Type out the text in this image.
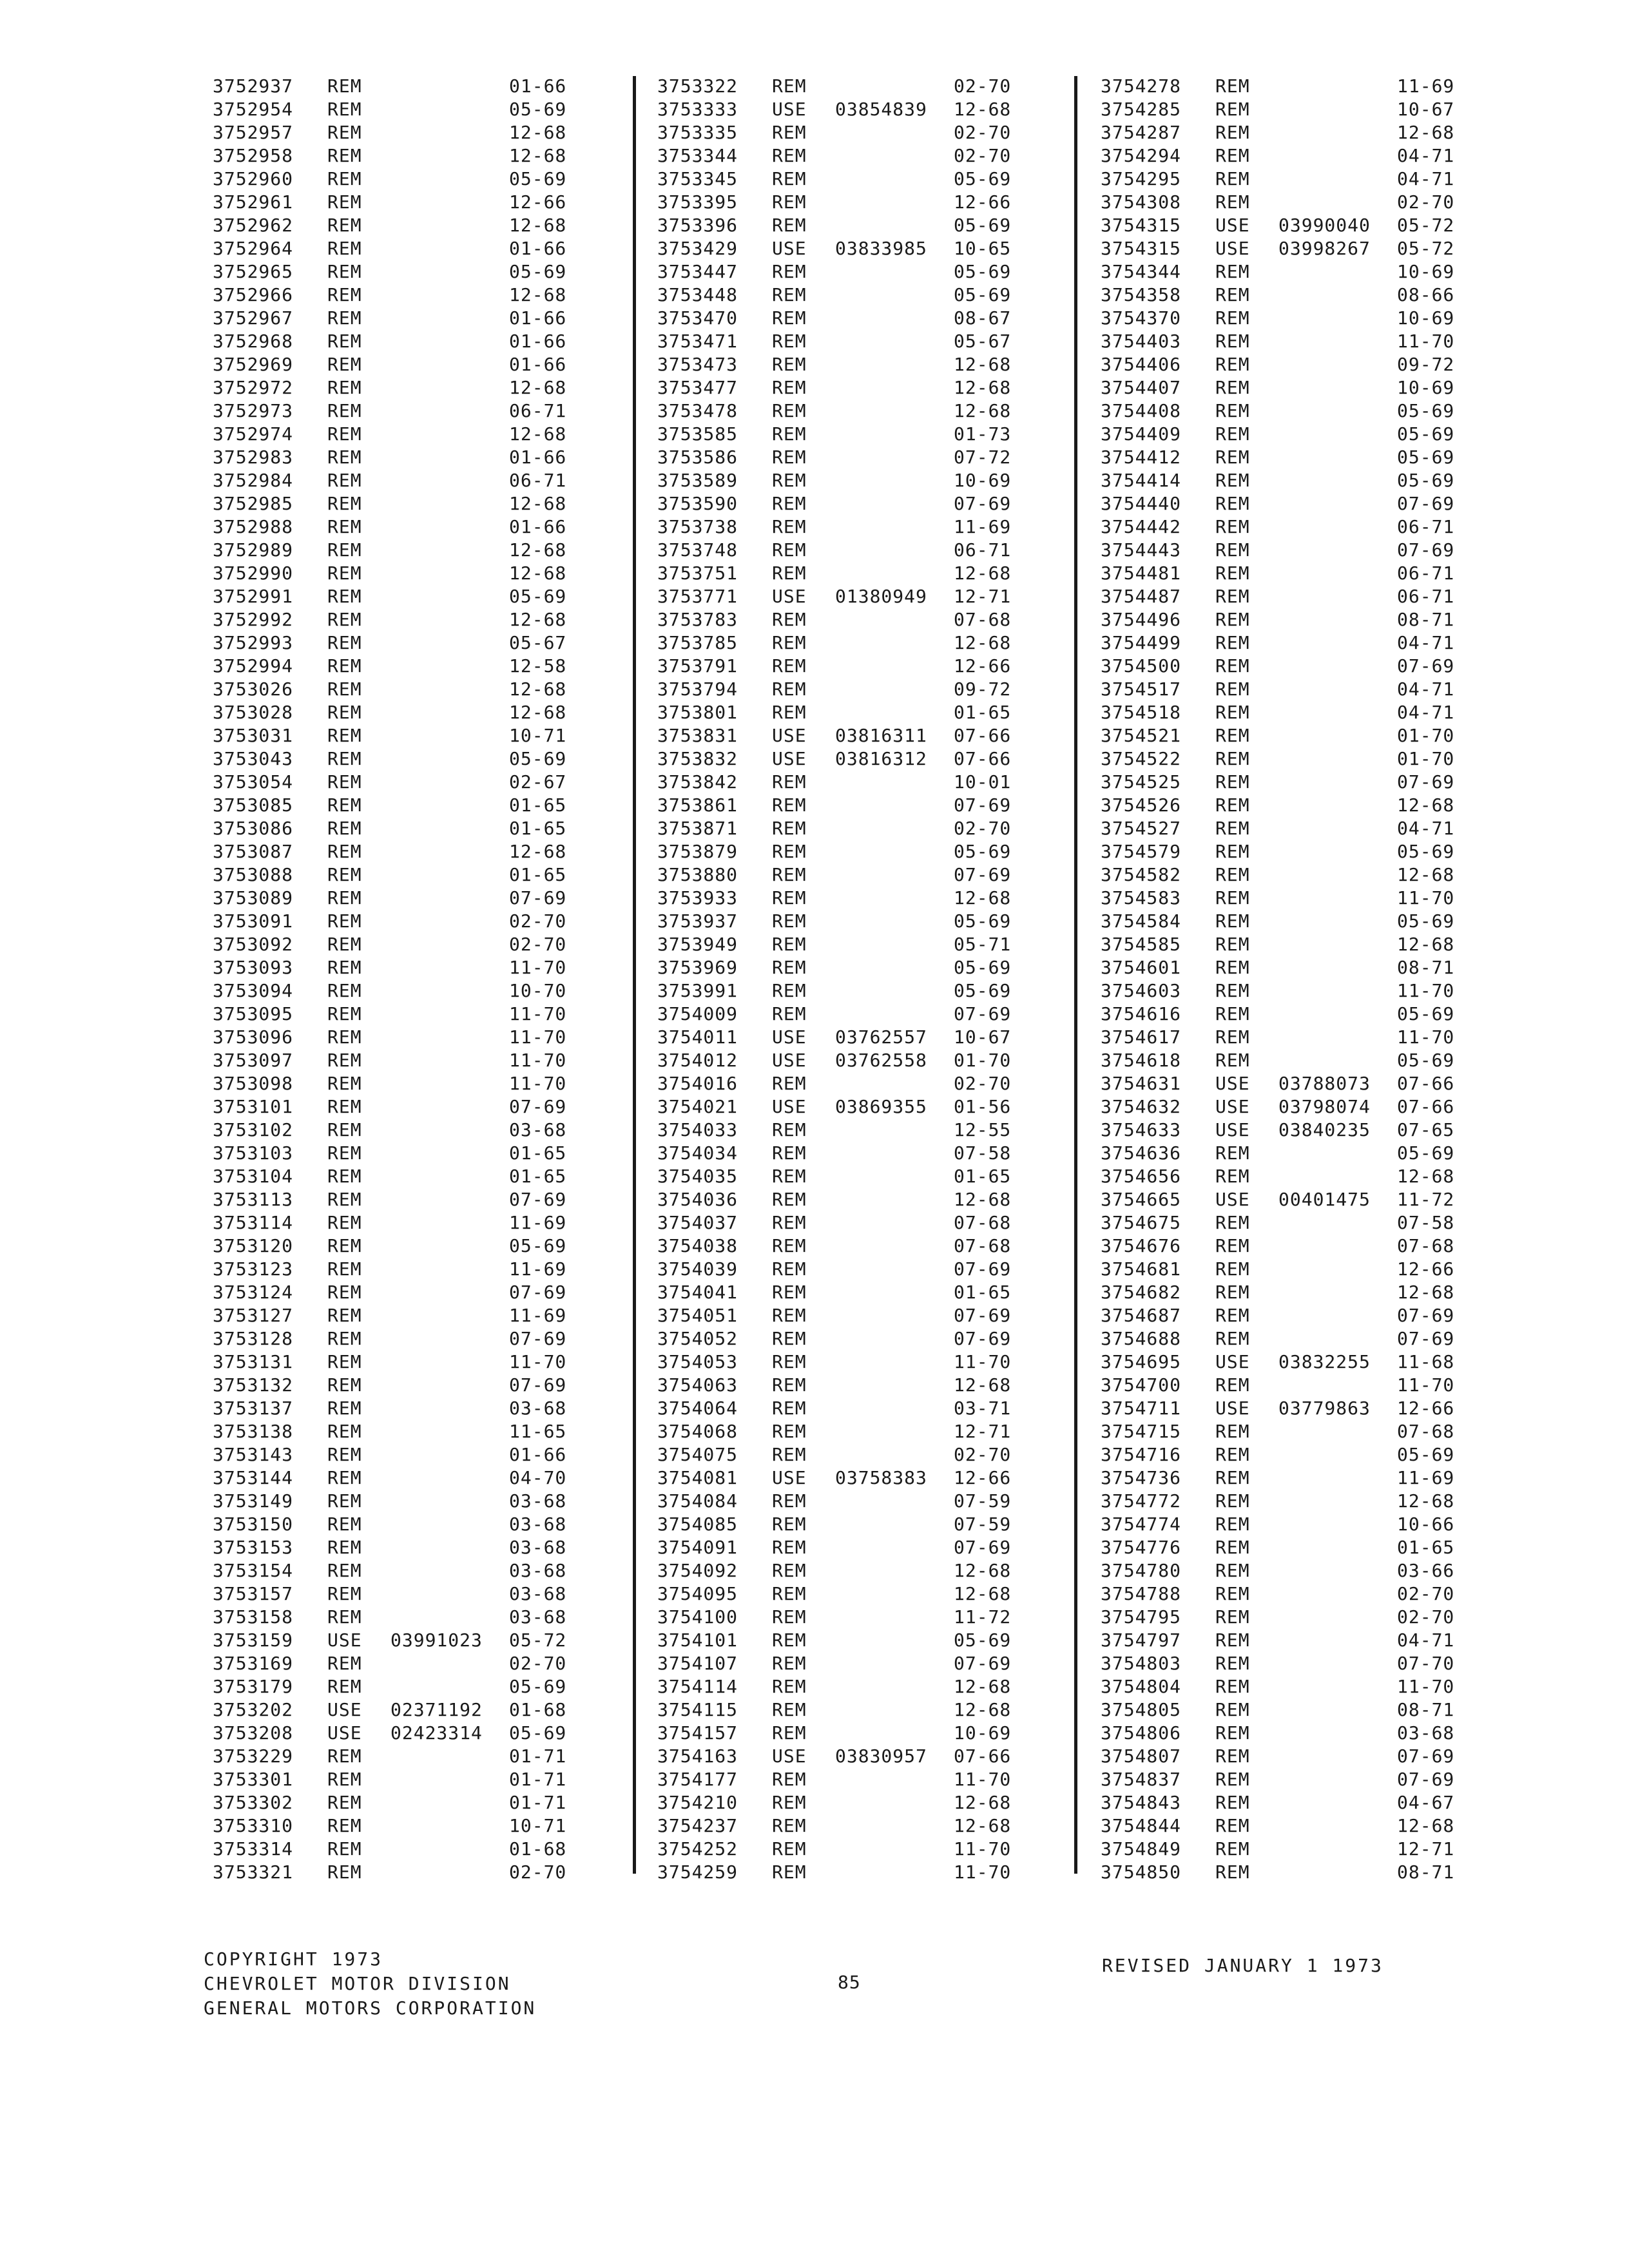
3752937 REM	01-66
3752954 REM	05-69
3752957 REM	12-68
3752958 REM	12-68
3752960 REM	05-69
3752961 REM	12-66
3752962 REM	12-68
3752964 REM	01-66
3752965 REM	05-69
3752966 REM	12-68
3752967 REM	01-66
3752968 REM	01-66
3752969 REM	01-66
3752972 REM	12-68
3752973 REM	06-71
3752974 REM	12-68
3752983 REM	01-66
3752984 REM	06-71
3752985 REM	12-68
3752988 REM	01-66
3752989 REM	12-68
3752990 REM	12-68
3752991 REM	05-69
3752992 REM	12-68
3752993 REM	05-67
3752994 REM	12-58
3753026 REM	12-68
3753028 REM	12-68
3753031 REM	10-71
3753043 REM	05-69
3753054 REM	02-67
3753085 REM	01-65
3753086 REM	01-65
3753087 REM	12-68
3753088 REM	01-65
3753089 REM	07-69
3753091 REM	02-70
3753092 REM	02-70
3753093 REM	11-70
3753094 REM	10-70
3753095 REM	11-70
3753096 REM	11-70
3753097 REM	11-70
3753098 REM	11-70
3753101 REM	07-69
3753102 REM	03-68
3753103 REM	01-65
3753104 REM	01-65
3753113 REM	07-69
3753114 REM	11-69
3753120 REM	05-69
3753123 REM	11-69
3753124 REM	07-69
3753127 REM	11-69
3753128 REM	07-69
3753131 REM	11-70
3753132 REM	07-69
3753137 REM	03-68
3753138 REM	11-65
3753143 REM	01-66
3753144 REM	04-70
3753149 REM	03-68
3753150 REM	03-68
3753153 REM	03-68
3753154 REM	03-68
3753157 REM	03-68
3753158 REM	03-68
3753159 USE 03991023 05-72
3753169 REM	02-70
3753179 REM	05-69
3753202 USE 02371192 01-68
3753208 USE 02423314 05-69
3753229 REM	01-71
3753301 REM	01-71
3753302 REM	01-71
3753310 REM	10-71
3753314 REM	01-68
3753321 REM	02-70
3753322 REM	02-70
3753333 USE 03854839 12-68
3753335 REM	02-70
3753344 REM	02-70
3753345 REM	05-69
3753395 REM	12-66
3753396 REM	05-69
3753429 USE 03833985 10-65
3753447 REM	05-69
3753448 REM	05-69
3753470 REM	08-67
3753471 REM	05-67
3753473 REM	12-68
3753477 REM	12-68
3753478 REM	12-68
3753585 REM	01-73
3753586 REM	07-72
3753589 REM	10-69
3753590 REM	07-69
3753738 REM	11-69
3753748 REM	06-71
3753751 REM	12-68
3753771 USE 01380949 12-71
3753783 REM	07-68
3753785 REM	12-68
3753791 REM	12-66
3753794 REM	09-72
3753801 REM	01-65
3753831 USE 03816311 07-66
3753832 USE 03816312 07-66
3753842 REM	10-01
3753861 REM	07-69
3753871 REM	02-70
3753879 REM	05-69
3753880 REM	07-69
3753933 REM	12-68
3753937 REM	05-69
3753949 REM	05-71
3753969 REM	05-69
3753991 REM	05-69
3754009 REM	07-69
3754011 USE 03762557 10-67
3754012 USE 03762558 01-70
3754016 REM	02-70
3754021 USE 03869355 01-56
3754033 REM	12-55
3754034 REM	07-58
3754035 REM	01-65
3754036 REM	12-68
3754037 REM	07-68
3754038 REM	07-68
3754039 REM	07-69
3754041 REM	01-65
3754051 REM	07-69
3754052 REM	07-69
3754053 REM	11-70
3754063 REM	12-68
3754064 REM	03-71
3754068 REM	12-71
3754075 REM	02-70
3754081 USE 03758383 12-66
3754084 REM	07-59
3754085 REM	07-59
3754091 REM	07-69
3754092 REM	12-68
3754095 REM	12-68
3754100 REM	11-72
3754101 REM	05-69
3754107 REM	07-69
3754114 REM	12-68
3754115 REM	12-68
3754157 REM	10-69
3754163 USE 03830957 07-66
3754177 REM	11-70
3754210 REM	12-68
3754237 REM	12-68
3754252 REM	11-70
3754259 REM	11-70
3754278 REM	11-69
3754285 REM	10-67
3754287 REM	12-68
3754294 REM	04-71
3754295 REM	04-71
3754308 REM	02-70
3754315 USE 03990040 05-72
3754315 USE 03998267 05-72
3754344 REM	10-69
3754358 REM	08-66
3754370 REM	10-69
3754403 REM	11-70
3754406 REM	09-72
3754407 REM	10-69
3754408 REM	05-69
3754409 REM	05-69
3754412 REM	05-69
3754414 REM	05-69
3754440 REM	07-69
3754442 REM	06-71
3754443 REM	07-69
3754481 REM	06-71
3754487 REM	06-71
3754496 REM	08-71
3754499 REM	04-71
3754500 REM	07-69
3754517 REM	04-71
3754518 REM	04-71
3754521 REM	01-70
3754522 REM	01-70
3754525 REM	07-69
3754526 REM	12-68
3754527 REM	04-71
3754579 REM	05-69
3754582 REM	12-68
3754583 REM	11-70
3754584 REM	05-69
3754585 REM	12-68
3754601 REM	08-71
3754603 REM	11-70
3754616 REM	05-69
3754617 REM	11-70
3754618 REM	05-69
3754631 USE 03788073 07-66
3754632 USE 03798074 07-66
3754633 USE 03840235 07-65
3754636 REM	05-69
3754656 REM	12-68
3754665 USE 00401475 11-72
3754675 REM	07-58
3754676 REM	07-68
3754681 REM	12-66
3754682 REM	12-68
3754687 REM	07-69
3754688 REM	07-69
3754695 USE 03832255 11-68
3754700 REM	11-70
3754711 USE 03779863 12-66
3754715 REM	07-68
3754716 REM	05-69
3754736 REM	11-69
3754772 REM	12-68
3754774 REM	10-66
3754776 REM	01-65
3754780 REM	03-66
3754788 REM	02-70
3754795 REM	02-70
3754797 REM	04-71
3754803 REM	07-70
3754804 REM	11-70
3754805 REM	08-71
3754806 REM	03-68
3754807 REM	07-69
3754837 REM	07-69
3754843 REM	04-67
3754844 REM	12-68
3754849 REM	12-71
3754850 REM	08-71
COPYRIGHT 1973
CHEVROLET MOTOR DIVISION
GENERAL MOTORS CORPORATION
85
REVISED JANUARY 1 1973
